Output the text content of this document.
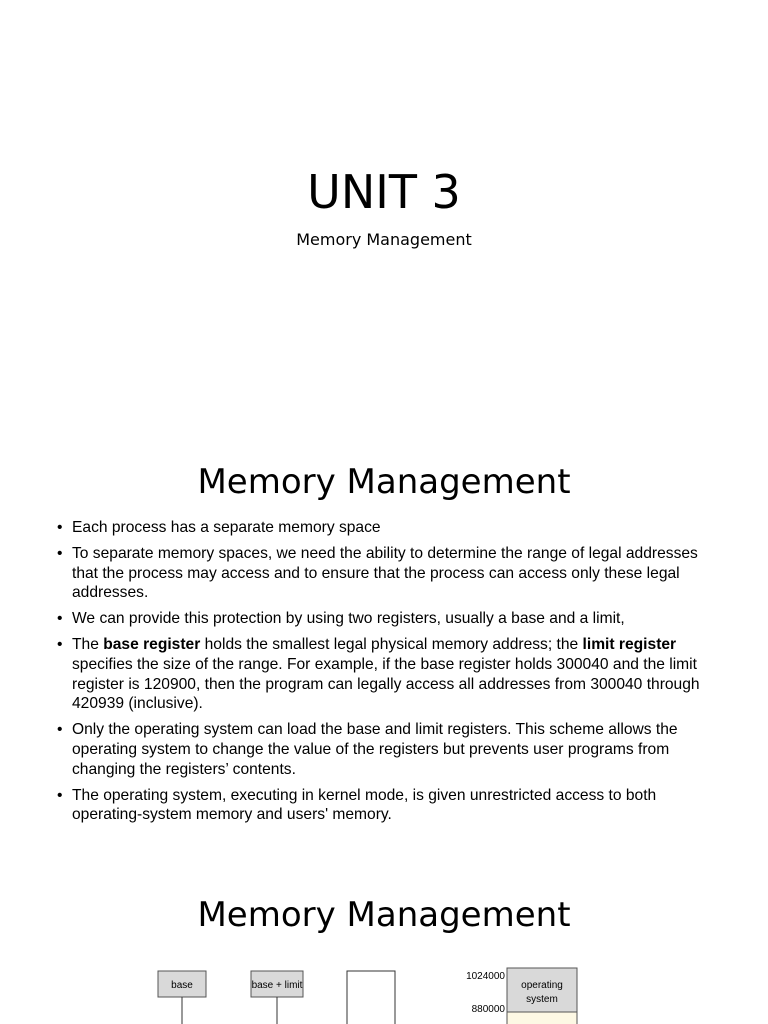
UNIT 3
Memory Management
Memory Management
• Each process has a separate memory space
• To separate memory spaces, we need the ability to determine the range of legal addresses that the process may access and to ensure that the process can access only these legal addresses.
• We can provide this protection by using two registers, usually a base and a limit,
• The base register holds the smallest legal physical memory address; the limit register specifies the size of the range. For example, if the base register holds 300040 and the limit register is 120900, then the program can legally access all addresses from 300040 through 420939 (inclusive).
• Only the operating system can load the base and limit registers. This scheme allows the operating system to change the value of the registers but prevents user programs from changing the registers’ contents.
• The operating system, executing in kernel mode, is given unrestricted access to both operating-system memory and users' memory.
Memory Management
base	base + limit
1024000
880000
operating
system
